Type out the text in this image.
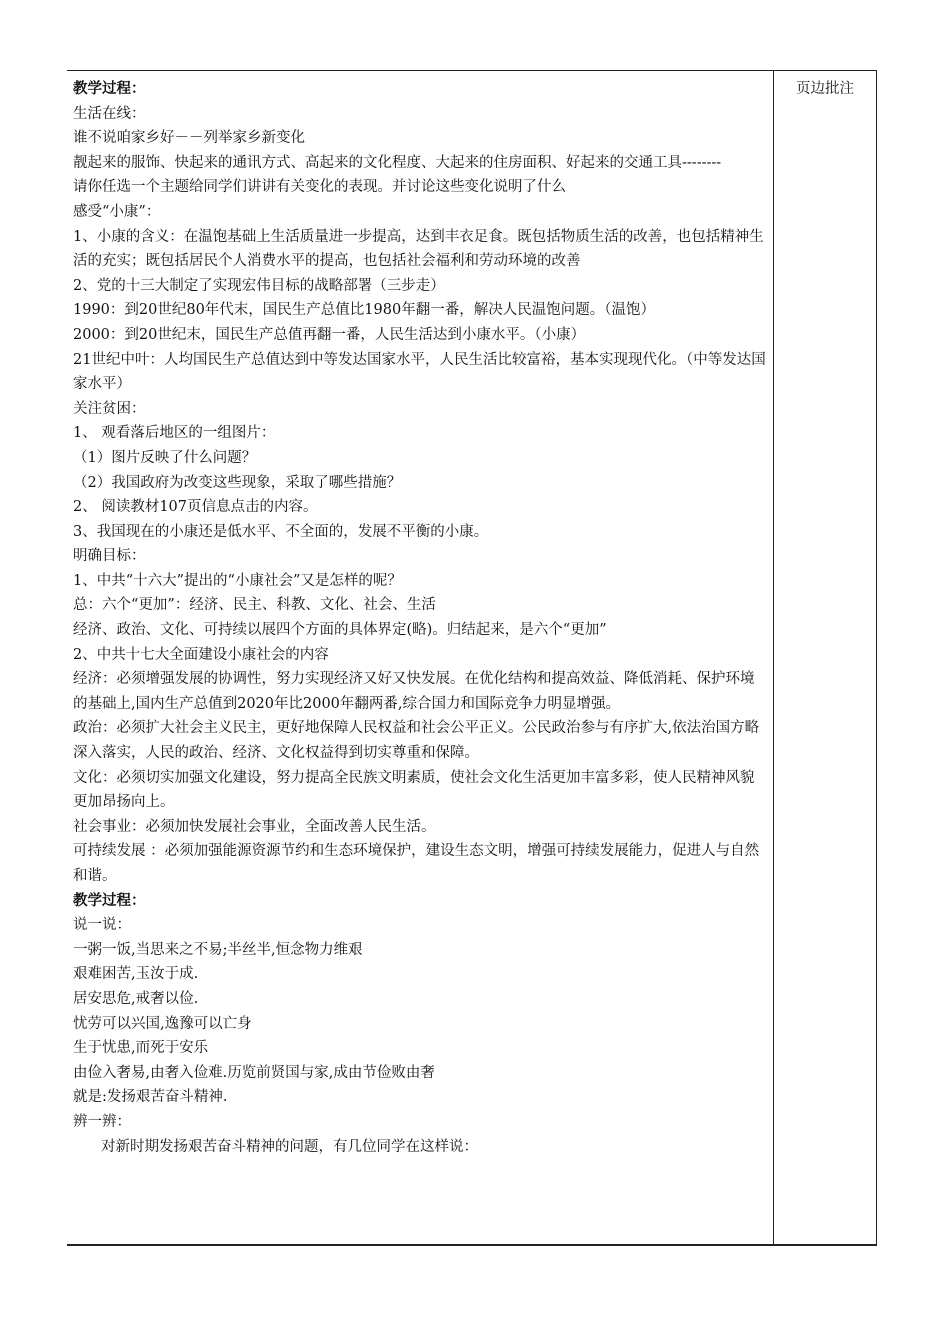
页边批注

教学过程：

生活在线：

谁不说咱家乡好－－列举家乡新变化

靓起来的服饰、快起来的通讯方式、高起来的文化程度、大起来的住房面积、好起来的交通工具--------

请你任选一个主题给同学们讲讲有关变化的表现。并讨论这些变化说明了什么

感受“小康”：

1、小康的含义：在温饱基础上生活质量进一步提高，达到丰衣足食。既包括物质生活的改善，也包括精神生活的充实；既包括居民个人消费水平的提高，也包括社会福利和劳动环境的改善

2、党的十三大制定了实现宏伟目标的战略部署（三步走）

1990：到20世纪80年代末，国民生产总值比1980年翻一番，解决人民温饱问题。（温饱）

2000：到20世纪末，国民生产总值再翻一番，人民生活达到小康水平。（小康）

21世纪中叶：人均国民生产总值达到中等发达国家水平，人民生活比较富裕，基本实现现代化。（中等发达国家水平）

关注贫困：

1、 观看落后地区的一组图片：

（1）图片反映了什么问题？

（2）我国政府为改变这些现象，采取了哪些措施？

2、 阅读教材107页信息点击的内容。

3、我国现在的小康还是低水平、不全面的，发展不平衡的小康。

明确目标：

1、中共“十六大”提出的“小康社会”又是怎样的呢？

总：六个“更加”：经济、民主、科教、文化、社会、生活

经济、政治、文化、可持续以展四个方面的具体界定(略)。归结起来，是六个“更加”

2、中共十七大全面建设小康社会的内容

经济：必须增强发展的协调性，努力实现经济又好又快发展。在优化结构和提高效益、降低消耗、保护环境的基础上,国内生产总值到2020年比2000年翻两番,综合国力和国际竞争力明显增强。

政治：必须扩大社会主义民主，更好地保障人民权益和社会公平正义。公民政治参与有序扩大,依法治国方略深入落实，人民的政治、经济、文化权益得到切实尊重和保障。

文化：必须切实加强文化建设，努力提高全民族文明素质，使社会文化生活更加丰富多彩，使人民精神风貌更加昂扬向上。

社会事业：必须加快发展社会事业，全面改善人民生活。

可持续发展 ：必须加强能源资源节约和生态环境保护，建设生态文明，增强可持续发展能力，促进人与自然和谐。

教学过程：

说一说：

一粥一饭,当思来之不易;半丝半,恒念物力维艰

艰难困苦,玉汝于成.

居安思危,戒奢以俭.

忧劳可以兴国,逸豫可以亡身

生于忧患,而死于安乐

由俭入奢易,由奢入俭难.历览前贤国与家,成由节俭败由奢

就是:发扬艰苦奋斗精神.

辨一辨：

对新时期发扬艰苦奋斗精神的问题，有几位同学在这样说：
